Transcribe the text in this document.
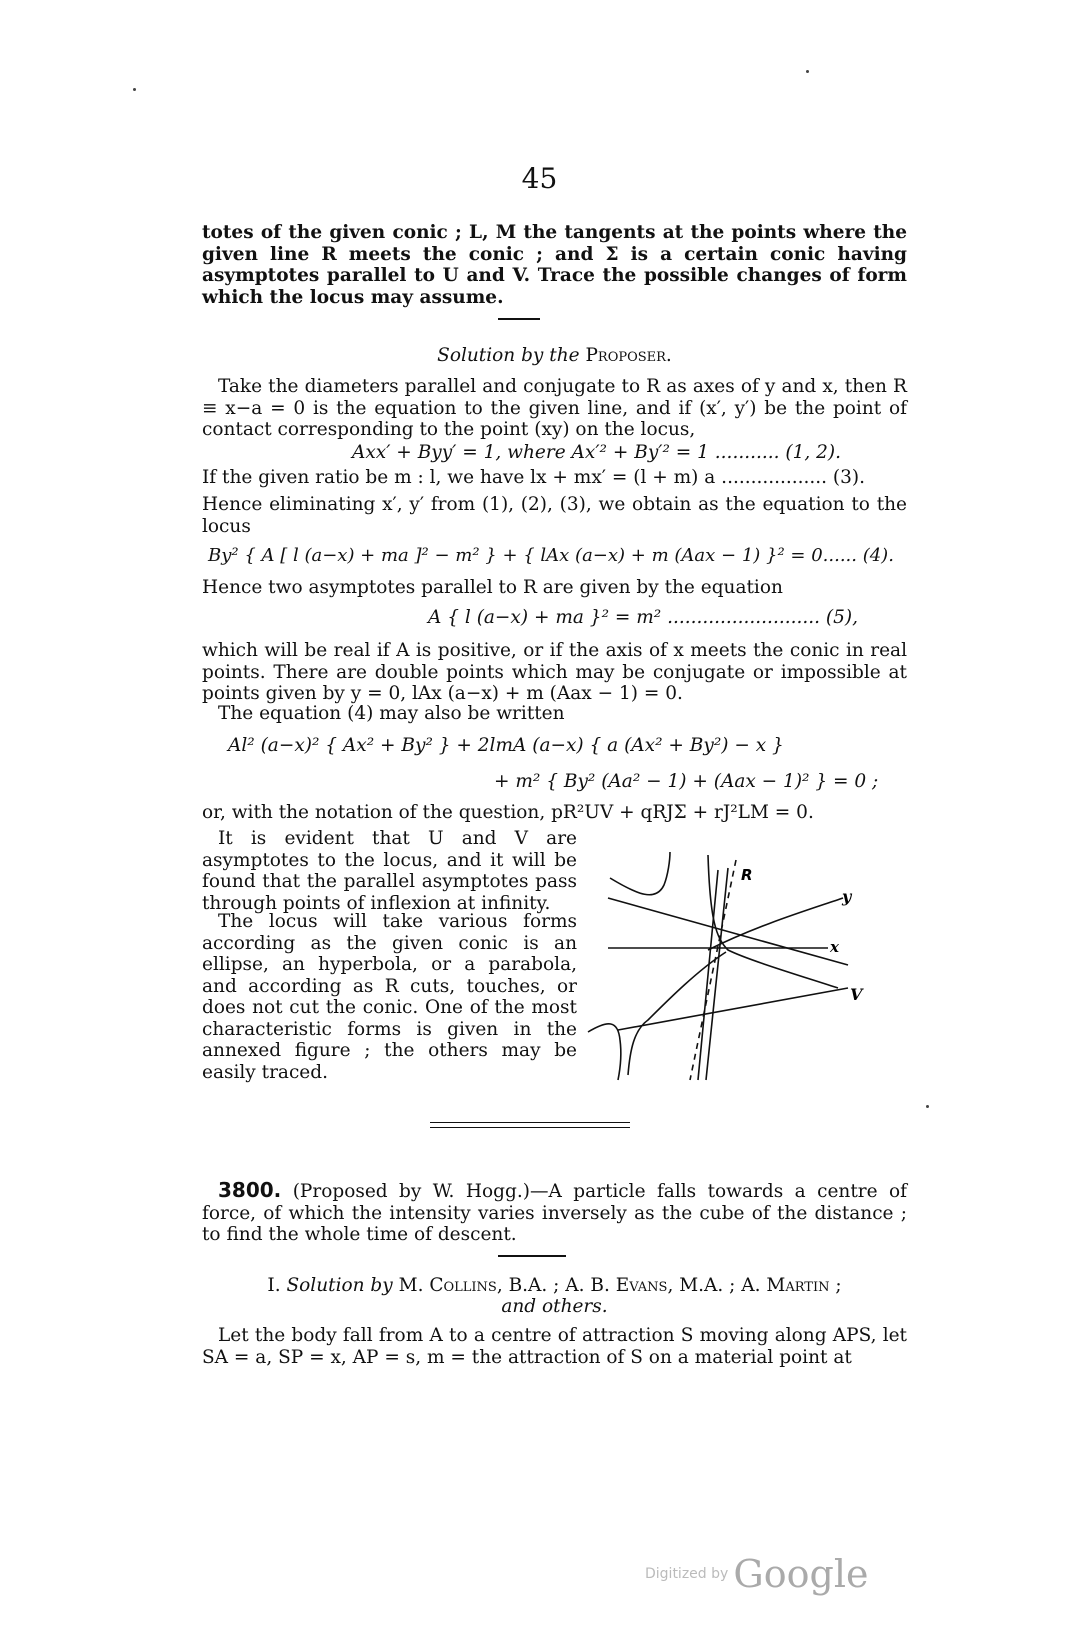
45
totes of the given conic ; L, M the tangents at the points where the given line R meets the conic ; and Σ is a certain conic having asymptotes parallel to U and V. Trace the possible changes of form which the locus may assume.
Solution by the Proposer.
Take the diameters parallel and conjugate to R as axes of y and x, then R ≡ x−a = 0 is the equation to the given line, and if (x′, y′) be the point of contact corresponding to the point (xy) on the locus,
Axx′ + Byy′ = 1, where Ax′² + By′² = 1 ........... (1, 2).
If the given ratio be m : l, we have lx + mx′ = (l + m) a .................. (3).
Hence eliminating x′, y′ from (1), (2), (3), we obtain as the equation to the locus
By² { A [ l (a−x) + ma ]² − m² } + { lAx (a−x) + m (Aax − 1) }² = 0...... (4).
Hence two asymptotes parallel to R are given by the equation
A { l (a−x) + ma }² = m² .......................... (5),
which will be real if A is positive, or if the axis of x meets the conic in real points. There are double points which may be conjugate or impossible at points given by y = 0, lAx (a−x) + m (Aax − 1) = 0.
The equation (4) may also be written
Al² (a−x)² { Ax² + By² } + 2lmA (a−x) { a (Ax² + By²) − x }
+ m² { By² (Aa² − 1) + (Aax − 1)² } = 0 ;
or, with the notation of the question, pR²UV + qRJΣ + rJ²LM = 0.
It is evident that U and V are asymptotes to the locus, and it will be found that the parallel asymptotes pass through points of inflexion at infinity.
The locus will take various forms according as the given conic is an ellipse, an hyperbola, or a parabola, and according as R cuts, touches, or does not cut the conic. One of the most characteristic forms is given in the annexed figure ; the others may be easily traced.
R
y
x
V
3800. (Proposed by W. Hogg.)—A particle falls towards a centre of force, of which the intensity varies inversely as the cube of the distance ; to find the whole time of descent.
I. Solution by M. Collins, B.A. ; A. B. Evans, M.A. ; A. Martin ;
and others.
Let the body fall from A to a centre of attraction S moving along APS, let SA = a, SP = x, AP = s, m = the attraction of S on a material point at
Digitized by Google
